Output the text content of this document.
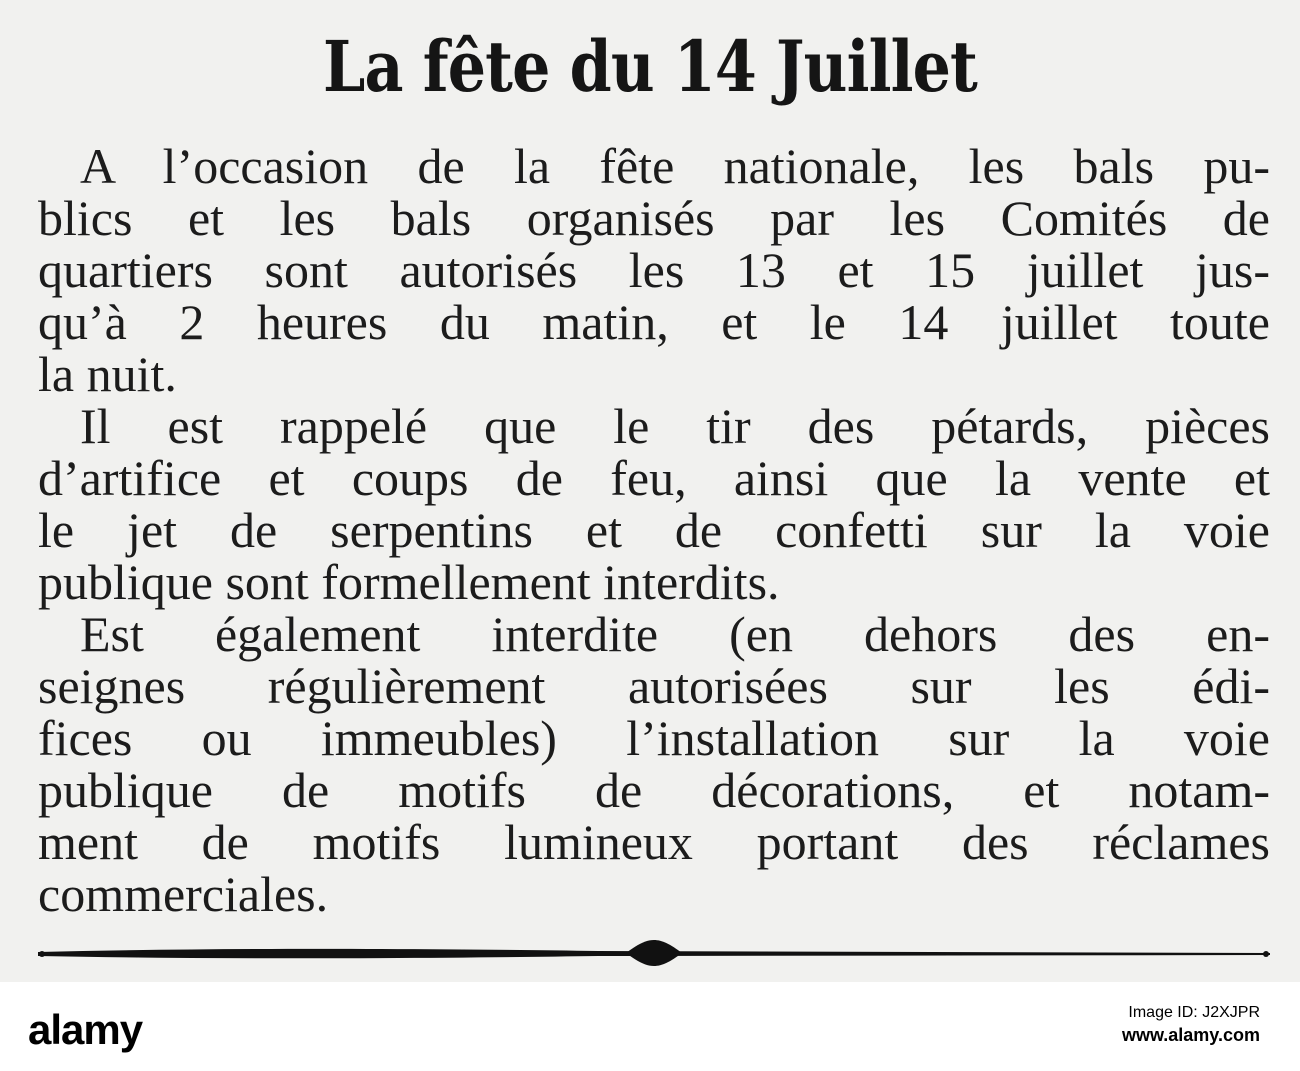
La fête du 14 Juillet
A l’occasion de la fête nationale, les bals pu-
blics et les bals organisés par les Comités de
quartiers sont autorisés les 13 et 15 juillet jus-
qu’à 2 heures du matin, et le 14 juillet toute
la nuit.
Il est rappelé que le tir des pétards, pièces
d’artifice et coups de feu, ainsi que la vente et
le jet de serpentins et de confetti sur la voie
publique sont formellement interdits.
Est également interdite (en dehors des en-
seignes régulièrement autorisées sur les édi-
fices ou immeubles) l’installation sur la voie
publique de motifs de décorations, et notam-
ment de motifs lumineux portant des réclames
commerciales.
alamy	Image ID: J2XJPR
www.alamy.com
